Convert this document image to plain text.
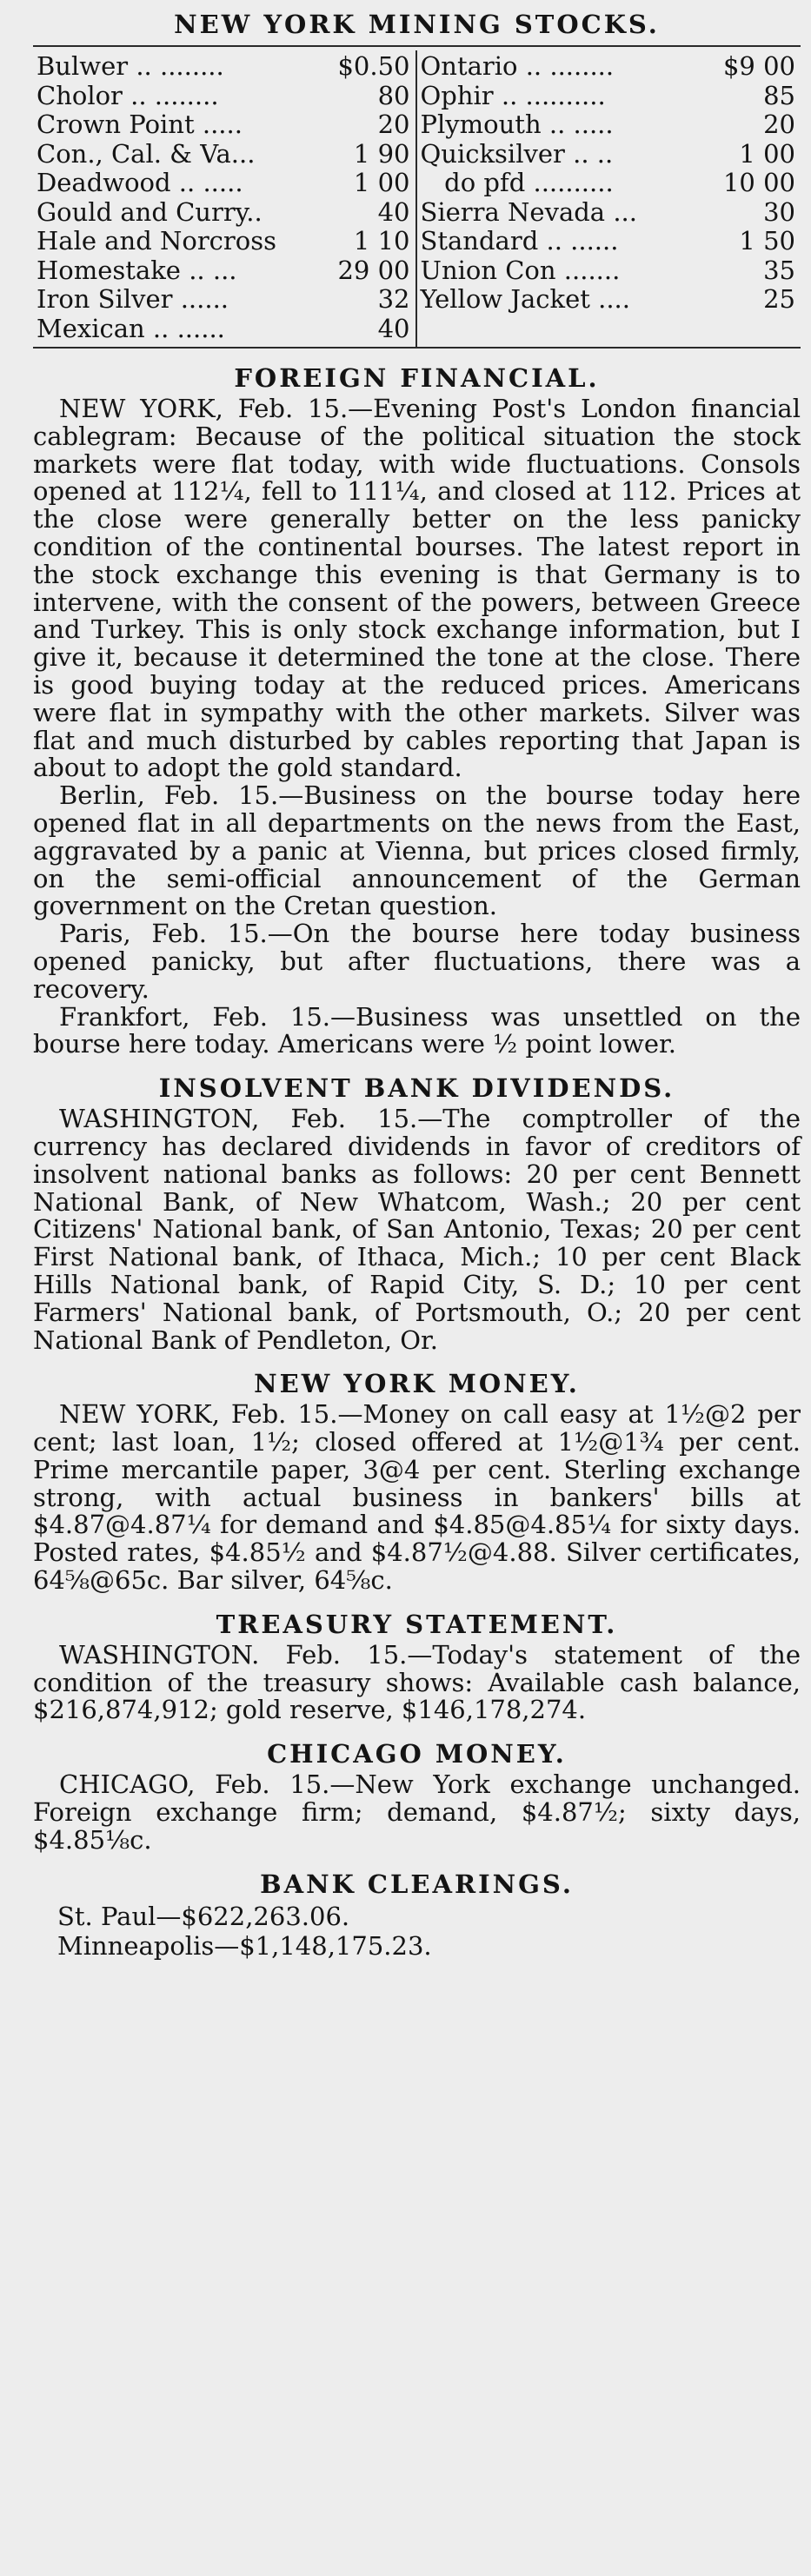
NEW YORK MINING STOCKS.
Bulwer .. ........	$0.50
Cholor .. ........	80
Crown Point .....	20
Con., Cal. & Va...	1 90
Deadwood .. .....	1 00
Gould and Curry..	40
Hale and Norcross	1 10
Homestake .. ...	29 00
Iron Silver ......	32
Mexican .. ......	40
Ontario .. ........	$9 00
Ophir .. ..........	85
Plymouth .. .....	20
Quicksilver .. ..	1 00
do pfd ..........	10 00
Sierra Nevada ...	30
Standard .. ......	1 50
Union Con .......	35
Yellow Jacket ....	25
FOREIGN FINANCIAL.

NEW YORK, Feb. 15.—Evening Post's London financial cablegram: Because of the political situation the stock markets were flat today, with wide fluctuations. Consols opened at 112¼, fell to 111¼, and closed at 112. Prices at the close were generally better on the less panicky condition of the continental bourses. The latest report in the stock exchange this evening is that Germany is to intervene, with the consent of the powers, between Greece and Turkey. This is only stock exchange information, but I give it, because it determined the tone at the close. There is good buying today at the reduced prices. Americans were flat in sympathy with the other markets. Silver was flat and much disturbed by cables reporting that Japan is about to adopt the gold standard.

Berlin, Feb. 15.—Business on the bourse today here opened flat in all departments on the news from the East, aggravated by a panic at Vienna, but prices closed firmly, on the semi-official announcement of the German government on the Cretan question.

Paris, Feb. 15.—On the bourse here today business opened panicky, but after fluctuations, there was a recovery.

Frankfort, Feb. 15.—Business was unsettled on the bourse here today. Americans were ½ point lower.

INSOLVENT BANK DIVIDENDS.

WASHINGTON, Feb. 15.—The comptroller of the currency has declared dividends in favor of creditors of insolvent national banks as follows: 20 per cent Bennett National Bank, of New Whatcom, Wash.; 20 per cent Citizens' National bank, of San Antonio, Texas; 20 per cent First National bank, of Ithaca, Mich.; 10 per cent Black Hills National bank, of Rapid City, S. D.; 10 per cent Farmers' National bank, of Portsmouth, O.; 20 per cent National Bank of Pendleton, Or.

NEW YORK MONEY.

NEW YORK, Feb. 15.—Money on call easy at 1½@2 per cent; last loan, 1½; closed offered at 1½@1¾ per cent. Prime mercantile paper, 3@4 per cent. Sterling exchange strong, with actual business in bankers' bills at $4.87@4.87¼ for demand and $4.85@4.85¼ for sixty days. Posted rates, $4.85½ and $4.87½@4.88. Silver certificates, 64⅝@65c. Bar silver, 64⅝c.

TREASURY STATEMENT.

WASHINGTON. Feb. 15.—Today's statement of the condition of the treasury shows: Available cash balance, $216,874,912; gold reserve, $146,178,274.

CHICAGO MONEY.

CHICAGO, Feb. 15.—New York exchange unchanged. Foreign exchange firm; demand, $4.87½; sixty days, $4.85⅛c.

BANK CLEARINGS.
St. Paul—$622,263.06.
Minneapolis—$1,148,175.23.
